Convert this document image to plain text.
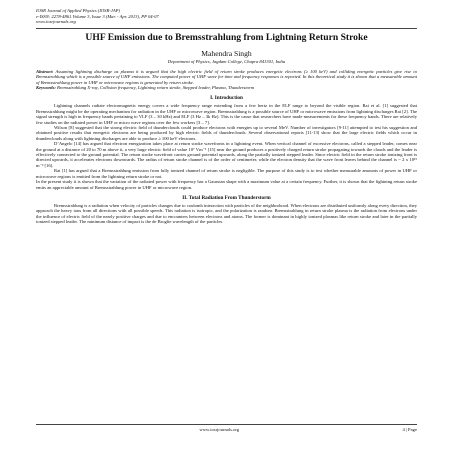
IOSR Journal of Applied Physics (IOSR-JAP)
e-ISSN: 2278-4861.Volume 3, Issue 3 (Mar. - Apr. 2013), PP 04-07
www.iosrjournals.org
UHF Emission due to Bremsstrahlung from Lightning Return Stroke
Mahendra Singh
Department of Physics, Jagdam College, Chapra 841301, India
Abstract: Assuming lightning discharge as plasma it is argued that the high electric field of return stroke produces energetic electrons (≥ 100 keV) and colliding energetic particles give rise to Bremsstrahlung which is a possible source of UHF emissions. The computed power of UHF wave for time and frequency responses is reported. In this theoretical study it is shown that a measurable amount of Bremsstrahlung power in UHF or microwave regions is generated by return stroke.
Keywords: Bremsstrahlung X-ray, Collision frequency, Lightning return stroke, Stepped leader, Plasma, Thunderstorm
I. Introduction

Lightning channels radiate electromagnetic energy covers a wide frequency range extending from a few hertz in the ELF range to beyond the visible region. Rai et al. [1] suggested that Bremsstrahlung might be the operating mechanism for radiation in the UHF or microwave region. Bremsstrahlung is a possible source of UHF or microwave emissions from lightning discharges Rai [2]. The signal strength is high in frequency bands pertaining to VLF (3 – 30 kHz) and ELF (3 Hz – 3k Hz). This is the cause that researchers have made measurements for these frequency bands. There are relatively few studies on the radiated power in UHF or micro wave regions over the few workers [3 – 7].

Wilson [8] suggested that the strong electric field of thunderclouds could produce electrons with energies up to several MeV. Number of investigators [9-11] attempted to test his suggestion and obtained positive results that energetic electrons are being produced by high electric fields of thunderclouds. Several observational reports [11-13] show that the large electric fields which occur in thunderclouds along with lightning discharges are able to produce ≥ 100 keV electrons.

D’Angelo [14] has argued that electron energization takes place at return stroke wavefronts in a lightning event. When vertical channel of excessive electrons, called a stepped leader, comes near the ground at a distance of 20 to 70 m above it, a very large electric field of value 10⁷ Vm⁻¹ [15] near the ground produces a positively charged return stroke propagating towards the clouds and the leader is effectively connected to the ground potential. The return stroke wavefront carries ground potential upwards, along the partially ionized stepped leader. Since electric field in the return stroke ionizing front is directed upwards, it accelerates electrons downwards. The radius of return stroke channel is of the order of centimeter, while the electron density that the wave front leaves behind the channel is ~ 2 x 10¹⁵ m⁻³ [16].

Rai [1] has argued that a Bremsstrahlung emission from fully ionized channel of return stroke is negligible. The purpose of this study is to test whether measurable amounts of power in UHF or microwave regions is emitted from the lightning return stroke or not.

In the present study it is shown that the variation of the radiated power with frequency has a Gaussian shape with a maximum value at a certain frequency. Further, it is shown that the lightning return stroke emits an appreciable amount of Bremsstrahlung power in UHF or microwave region.

II. Total Radiation From Thunderstorm

Bremsstrahlung is a radiation when velocity of particles changes due to coulomb interaction with particles of the neighborhood. When electrons are distributed uniformly along every direction, they approach the heavy ions from all directions with all possible speeds. This radiation is isotropic, and the polarization is random. Bremsstrahlung in return stroke plasma is the radiation from electrons under the influence of electric field of the nearly positive charges and due to encounters between electrons and atoms. The former is dominant in highly ionized plasmas like return stroke and later in the partially ionized stepped leader. The minimum distance of impact is the de Broglie wavelength of the particles.

www.iosrjournals.org	4 | Page
